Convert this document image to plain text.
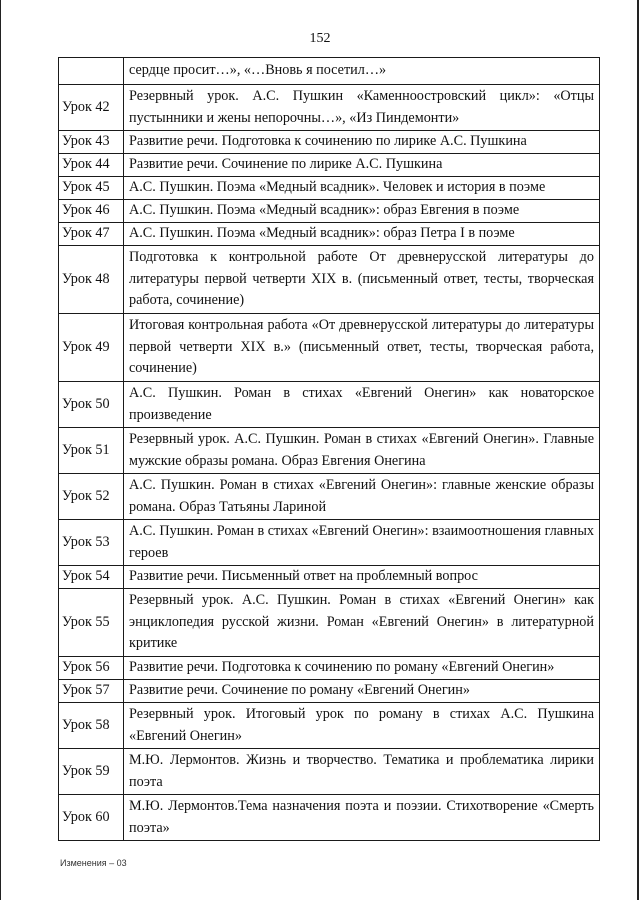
152
	сердце просит…», «…Вновь я посетил…»
Урок 42	Резервный урок. А.С. Пушкин «Каменноостровский цикл»: «Отцы пустынники и жены непорочны…», «Из Пиндемонти»
Урок 43	Развитие речи. Подготовка к сочинению по лирике А.С. Пушкина
Урок 44	Развитие речи. Сочинение по лирике А.С. Пушкина
Урок 45	А.С. Пушкин. Поэма «Медный всадник». Человек и история в поэме
Урок 46	А.С. Пушкин. Поэма «Медный всадник»: образ Евгения в поэме
Урок 47	А.С. Пушкин. Поэма «Медный всадник»: образ Петра I в поэме
Урок 48	Подготовка к контрольной работе От древнерусской литературы до литературы первой четверти XIX в. (письменный ответ, тесты, творческая работа, сочинение)
Урок 49	Итоговая контрольная работа «От древнерусской литературы до литературы первой четверти XIX в.» (письменный ответ, тесты, творческая работа, сочинение)
Урок 50	А.С. Пушкин. Роман в стихах «Евгений Онегин» как новаторское произведение
Урок 51	Резервный урок. А.С. Пушкин. Роман в стихах «Евгений Онегин». Главные мужские образы романа. Образ Евгения Онегина
Урок 52	А.С. Пушкин. Роман в стихах «Евгений Онегин»: главные женские образы романа. Образ Татьяны Лариной
Урок 53	А.С. Пушкин. Роман в стихах «Евгений Онегин»: взаимоотношения главных героев
Урок 54	Развитие речи. Письменный ответ на проблемный вопрос
Урок 55	Резервный урок. А.С. Пушкин. Роман в стихах «Евгений Онегин» как энциклопедия русской жизни. Роман «Евгений Онегин» в литературной критике
Урок 56	Развитие речи. Подготовка к сочинению по роману «Евгений Онегин»
Урок 57	Развитие речи. Сочинение по роману «Евгений Онегин»
Урок 58	Резервный урок. Итоговый урок по роману в стихах А.С. Пушкина «Евгений Онегин»
Урок 59	М.Ю. Лермонтов. Жизнь и творчество. Тематика и проблематика лирики поэта
Урок 60	М.Ю. Лермонтов.Тема назначения поэта и поэзии. Стихотворение «Смерть поэта»
Изменения – 03
